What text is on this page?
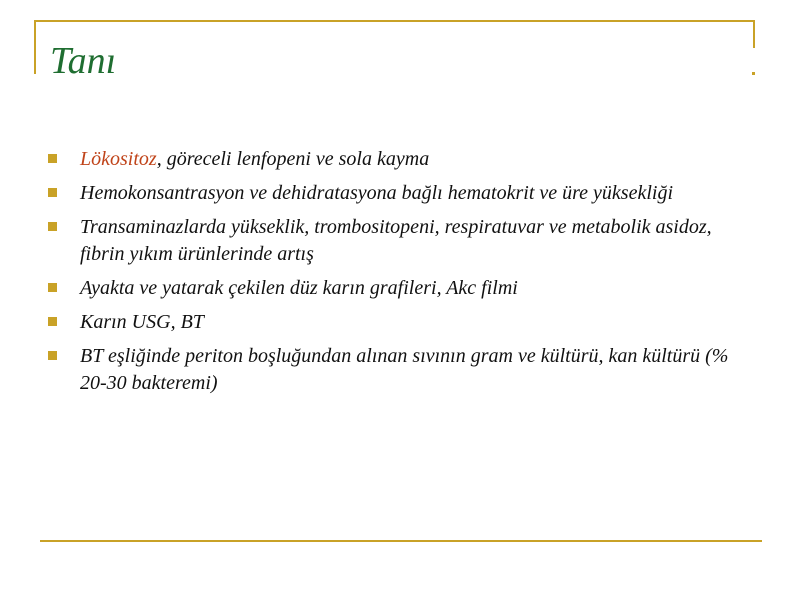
Tanı
Lökositoz, göreceli lenfopeni ve sola kayma
Hemokonsantrasyon ve dehidratasyona bağlı hematokrit ve üre yüksekliği
Transaminazlarda yükseklik, trombositopeni, respiratuvar ve metabolik asidoz, fibrin yıkım ürünlerinde artış
Ayakta ve yatarak çekilen düz karın grafileri, Akc filmi
Karın USG, BT
BT eşliğinde periton boşluğundan alınan sıvının gram ve kültürü, kan kültürü (% 20-30 bakteremi)
